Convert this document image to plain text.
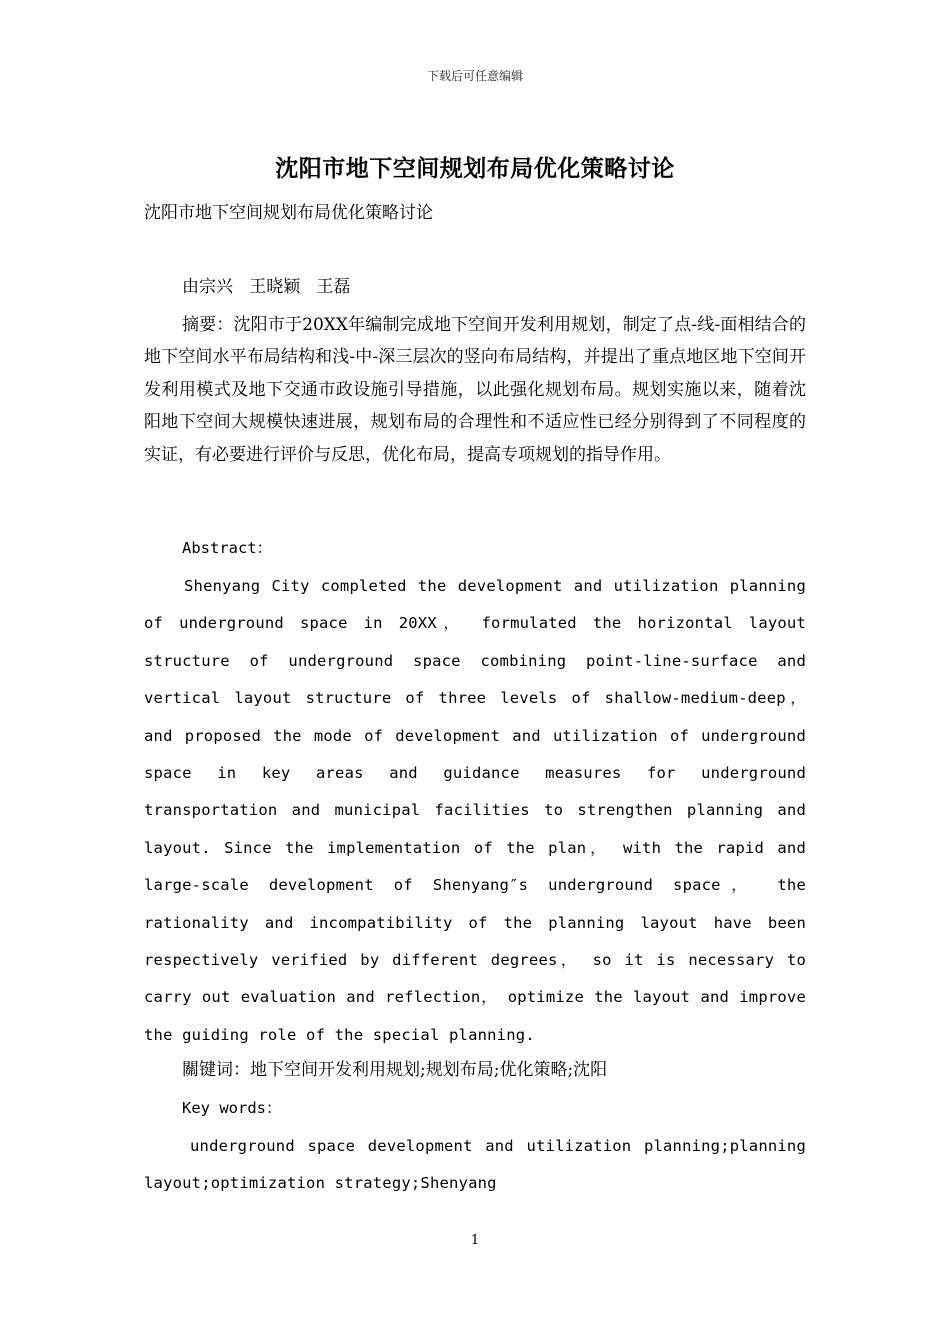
下载后可任意编辑
沈阳市地下空间规划布局优化策略讨论
沈阳市地下空间规划布局优化策略讨论
由宗兴   王晓颖   王磊
摘要：沈阳市于20XX年编制完成地下空间开发利用规划，制定了点-线-面相结合的地下空间水平布局结构和浅-中-深三层次的竖向布局结构，并提出了重点地区地下空间开发利用模式及地下交通市政设施引导措施，以此强化规划布局。规划实施以来，随着沈阳地下空间大规模快速进展，规划布局的合理性和不适应性已经分别得到了不同程度的实证，有必要进行评价与反思，优化布局，提高专项规划的指导作用。
Abstract：
Shenyang City completed the development and utilization planning of underground space in 20XX， formulated the horizontal layout structure of underground space combining point-line-surface and vertical layout structure of three levels of shallow-medium-deep， and proposed the mode of development and utilization of underground space in key areas and guidance measures for underground transportation and municipal facilities to strengthen planning and layout. Since the implementation of the plan， with the rapid and large-scale development of Shenyang″s underground space， the rationality and incompatibility of the planning layout have been respectively verified by different degrees， so it is necessary to carry out evaluation and reflection， optimize the layout and improve the guiding role of the special planning.
關键词：地下空间开发利用规划;规划布局;优化策略;沈阳
Key words：
underground space development and utilization planning;planning layout;optimization strategy;Shenyang
1
